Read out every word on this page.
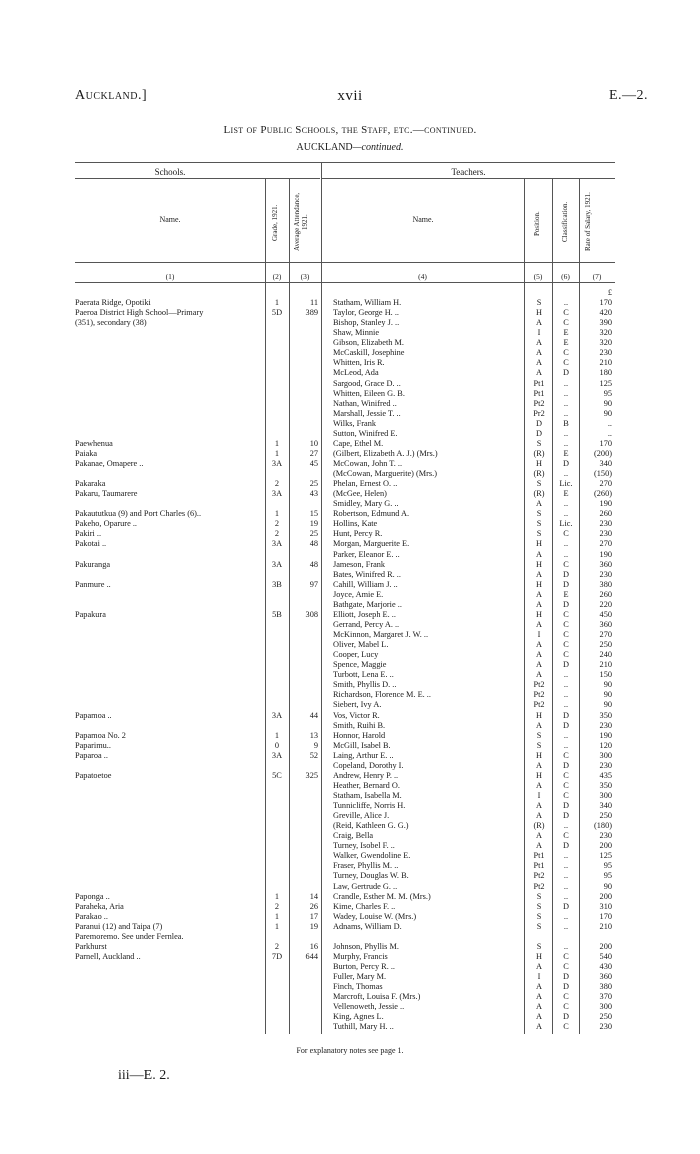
Auckland.]	xvii	E.—2.
List of Public Schools, the Staff, etc.—continued.
AUCKLAND—continued.
Schools.	Teachers.
Name.	Grade, 1921. Average Attendance, 1921.	Name.	Position.	Classification. Rate of Salary, 1921.
(1)	(2)	(3)	(4)	(5)	(6)	(7)
£
Paerata Ridge, Opotiki	1	11 Statham, William H.	S	..	170
Paeroa District High School—Primary	5D	389 Taylor, George H. ..	H	C	420
(351), secondary (38)	Bishop, Stanley J. ..	A	C	390
Shaw, Minnie	I	E	320
Gibson, Elizabeth M.	A	E	320
McCaskill, Josephine	A	C	230
Whitten, Iris R.	A	C	210
McLeod, Ada	A	D	180
Sargood, Grace D. ..	Pt1	..	125
Whitten, Eileen G. B.	Pt1	..	95
Nathan, Winifred ..	Pt2	..	90
Marshall, Jessie T. ..	Pr2	..	90
Wilks, Frank	D	B	..
Sutton, Winifred E.	D	..	..
Paewhenua	1	10 Cape, Ethel M.	S	..	170
Paiaka	1	27 (Gilbert, Elizabeth A. J.) (Mrs.)	(R)	E	(200)
Pakanae, Omapere ..	3A	45 McCowan, John T. ..	H	D	340
(McCowan, Marguerite) (Mrs.)	(R)	..	(150)
Pakaraka	2	25 Phelan, Ernest O. ..	S	Lic.	270
Pakaru, Taumarere	3A	43 (McGee, Helen)	(R)	E	(260)
Smidley, Mary G. ..	A	..	190
Pakaututkua (9) and Port Charles (6)..	1	15 Robertson, Edmund A.	S	..	260
Pakeho, Oparure ..	2	19 Hollins, Kate	S	Lic.	230
Pakiri ..	2	25 Hunt, Percy R.	S	C	230
Pakotai ..	3A	48 Morgan, Marguerite E.	H	..	270
Parker, Eleanor E. ..	A	..	190
Pakuranga	3A	48 Jameson, Frank	H	C	360
Bates, Winifred R. ..	A	D	230
Panmure ..	3B	97 Cahill, William J. ..	H	D	380
Joyce, Amie E.	A	E	260
Bathgate, Marjorie ..	A	D	220
Papakura	5B	308 Elliott, Joseph E. ..	H	C	450
Gerrand, Percy A. ..	A	C	360
McKinnon, Margaret J. W. ..	I	C	270
Oliver, Mabel L.	A	C	250
Cooper, Lucy	A	C	240
Spence, Maggie	A	D	210
Turbott, Lena E. ..	A	..	150
Smith, Phyllis D. ..	Pt2	..	90
Richardson, Florence M. E. ..	Pt2	..	90
Siebert, Ivy A.	Pt2	..	90
Papamoa ..	3A	44 Vos, Victor R.	H	D	350
Smith, Ruihi B.	A	D	230
Papamoa No. 2	1	13 Honnor, Harold	S	..	190
Paparimu..	0	9 McGill, Isabel B.	S	..	120
Paparoa ..	3A	52 Laing, Arthur E. ..	H	C	300
Copeland, Dorothy I.	A	D	230
Papatoetoe	5C	325 Andrew, Henry P. ..	H	C	435
Heather, Bernard O.	A	C	350
Statham, Isabella M.	I	C	300
Tunnicliffe, Norris H.	A	D	340
Greville, Alice J.	A	D	250
(Reid, Kathleen G. G.)	(R)	..	(180)
Craig, Bella	A	C	230
Turney, Isobel F. ..	A	D	200
Walker, Gwendoline E.	Pt1	..	125
Fraser, Phyllis M. ..	Pt1	..	95
Turney, Douglas W. B.	Pt2	..	95
Law, Gertrude G. ..	Pt2	..	90
Paponga ..	1	14 Crandle, Esther M. M. (Mrs.)	S	..	200
Paraheka, Aria	2	26 Kime, Charles F. ..	S	D	310
Parakao ..	1	17 Wadey, Louise W. (Mrs.)	S	..	170
Paranui (12) and Taipa (7)	1	19 Adnams, William D.	S	..	210
Paremoremo. See under Fernlea.
Parkhurst	2	16 Johnson, Phyllis M.	S	..	200
Parnell, Auckland ..	7D	644 Murphy, Francis	H	C	540
Burton, Percy R. ..	A	C	430
Fuller, Mary M.	I	D	360
Finch, Thomas	A	D	380
Marcroft, Louisa F. (Mrs.)	A	C	370
Vellenoweth, Jessie ..	A	C	300
King, Agnes L.	A	D	250
Tuthill, Mary H. ..	A	C	230
For explanatory notes see page 1.
iii—E. 2.
